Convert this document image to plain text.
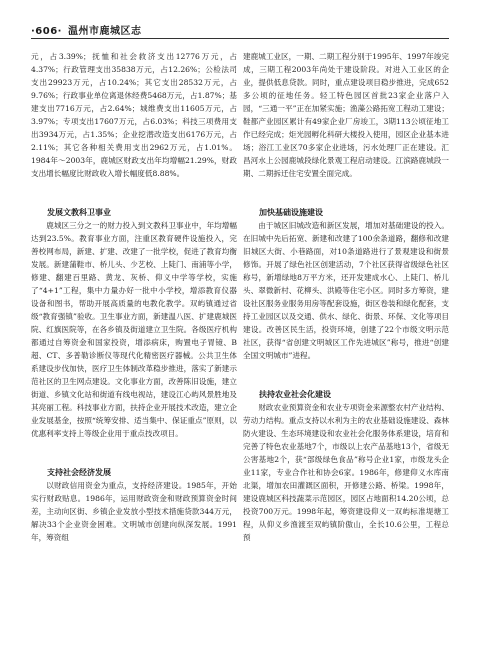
·606· 温州市鹿城区志

元，占3.39%；抚恤和社会救济支出12776万元，占4.37%；行政管理支出35838万元，占12.26%；公检法司支出29923万元，占10.24%；其它支出28532万元，占9.76%；行政事业单位离退休经费5468万元，占1.87%；基建支出7716万元，占2.64%；城维费支出11605万元，占3.97%；专项支出17607万元，占6.03%；科技三项费用支出3934万元，占1.35%；企业挖潜改造支出6176万元，占2.11%；其它各种相关费用支出2962万元，占1.01%。1984年～2003年，鹿城区财政支出年均增幅21.29%，财政支出增长幅度比财政收入增长幅度低8.88%。

发展文教科卫事业

鹿城区三分之一的财力投入到文教科卫事业中，年均增幅达到23.5%。教育事业方面，注重区教育硬件设施投入，完善校网布局，新建、扩建、改建了一批学校，促进了教育均衡发展。新建蒲鞋市、桥儿头、少艺校、上陡门、南浦等小学，修建、翻建百里路、黄龙、灰桥、仰义中学等学校，实施了“4+1”工程，集中力量办好一批中小学校，增添教育仪器设备和图书，帮助开展高质量的电教化教学。双屿镇通过省级“教育强镇”验收。卫生事业方面，新建温八医、扩建鹿城医院、红旗医院等，在各乡镇及街道建立卫生院。各级医疗机构都通过自筹资金和国家投资，增添病床，购置电子胃镜、B超、CT、多普勒诊断仪等现代化精密医疗器械。公共卫生体系建设步伐加快，医疗卫生体制改革稳步推进，落实了新建示范社区的卫生网点建设。文化事业方面，改善陈旧设施，建立街道、乡镇文化站和街道有线电视站，建设江心屿风景胜地及其亮丽工程。科技事业方面，扶持企业开展技术改造，建立企业发展基金，按照“统筹安排、适当集中、保证重点”原则，以优惠利率支持上等级企业用于重点技改项目。

支持社会经济发展

以财政信用资金为重点，支持经济建设。1985年，开始实行财政贴息。1986年，运用财政资金和财政预算资金时间差，主动向区街、乡镇企业发放小型技术措施贷款344万元，解决33个企业资金困难。文明城市创建向纵深发展。1991年，筹资组

建鹿城工业区，一期、二期工程分别于1995年、1997年竣完成，三期工程2003年尚处于建设阶段。对进入工业区的企业，提供低息贷款。同时，重点建设项目稳步推进，完成652多公顷的征地任务。轻工特色园区首批23家企业落户入园，“三通一平”正在加紧实施；渔藻公路拓宽工程动工建设；鞋都产业园区累计有49家企业厂房竣工，3期113公顷征地工作已经完成；炬光园孵化科研大楼投入使用，园区企业基本进场；浴江工业区70多家企业进场，污水处理厂正在建设。汇昌河水上公园鹿城段绿化景观工程启动建设。江滨路鹿城段一期、二期拆迁住宅安置全面完成。

加快基础设施建设

由于城区旧城改造和新区发展，增加对基础建设的投入。在旧城中先后拓宽、新建和改建了100余条道路，翻修和改建旧城区大街、小巷路面，对10条道路进行了景观建设和街景修饰。开展了绿色社区创建活动，7个社区获得省级绿色社区称号，新增绿地8万平方米，还开发建成水心、上陡门、桥儿头、翠微新村、花柳头、洪殿等住宅小区。同时多方筹资，建设社区服务业服务用房等配套设施，街区卷装和绿化配套，支持工业园区以及交通、供水、绿化、街景、环保、文化等项目建设。改善区民生活，投资环境，创建了22个市级文明示范社区，获得“省创建文明城区工作先进城区”称号，推进“创建全国文明城市”进程。

扶持农业社会化建设

财政农业预算资金和农业专项资金来源整农村产业结构、劳动力结构。重点支持以水利为主的农业基础设施建设、森林防火建设、生态环境建设和农业社会化服务体系建设，培育和完善了特色农业基地7个，市级以上农产品基地13个，省级无公害基地2个，获“部级绿色食品”称号企业1家，市级龙头企业11家，专业合作社和协会6家。1986年，修建仰义水库南北渠，增加农田灌溉区面积，开修建公路、桥梁。1998年，建设鹿城区科技蔬菜示范园区，园区占地面积14.20公顷，总投资700万元。1998年起，筹资建设仰义一双屿标准堤塘工程，从仰义乡渔渡至双屿镇阶傲山，全长10.6公里，工程总预
